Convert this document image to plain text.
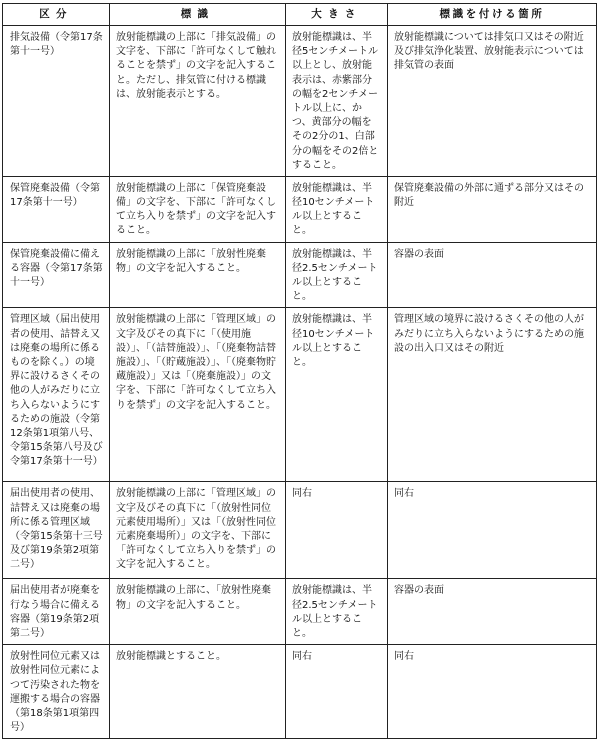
区分	標識	大きさ	標識を付ける箇所
排気設備（令第17条第十一号）	放射能標識の上部に「排気設備」の文字を、下部に「許可なくして触れることを禁ず」の文字を記入すること。ただし、排気管に付ける標識は、放射能表示とする。	放射能標識は、半径5センチメートル以上とし、放射能表示は、赤紫部分の幅を2センチメートル以上に、かつ、黄部分の幅をその2分の1、白部分の幅をその2倍とすること。	放射能標識については排気口又はその附近及び排気浄化装置、放射能表示については排気管の表面
保管廃棄設備（令第17条第十一号）	放射能標識の上部に「保管廃棄設備」の文字を、下部に「許可なくして立ち入りを禁ず」の文字を記入すること。	放射能標識は、半径10センチメートル以上とすること。	保管廃棄設備の外部に通ずる部分又はその附近
保管廃棄設備に備える容器（令第17条第十一号）	放射能標識の上部に「放射性廃棄物」の文字を記入すること。	放射能標識は、半径2.5センチメートル以上とすること。	容器の表面
管理区域（届出使用者の使用、詰替え又は廃棄の場所に係るものを除く。）の境界に設けるさくその他の人がみだりに立ち入らないようにするための施設（令第12条第1項第八号、令第15条第八号及び令第17条第十一号）	放射能標識の上部に「管理区域」の文字及びその真下に「（使用施設）」、「（詰替施設）」、「（廃棄物詰替施設）」、「（貯蔵施設）」、「（廃棄物貯蔵施設）」又は「（廃棄施設）」の文字を、下部に「許可なくして立ち入りを禁ず」の文字を記入すること。	放射能標識は、半径10センチメートル以上とすること。	管理区域の境界に設けるさくその他の人がみだりに立ち入らないようにするための施設の出入口又はその附近
届出使用者の使用、詰替え又は廃棄の場所に係る管理区域（令第15条第十三号及び第19条第2項第二号）	放射能標識の上部に「管理区域」の文字及びその真下に「（放射性同位元素使用場所）」又は「（放射性同位元素廃棄場所）」の文字を、下部に「許可なくして立ち入りを禁ず」の文字を記入すること。	同右	同右
届出使用者が廃棄を行なう場合に備える容器（第19条第2項第二号）	放射能標識の上部に、「放射性廃棄物」の文字を記入すること。	放射能標識は、半径2.5センチメートル以上とすること。	容器の表面
放射性同位元素又は放射性同位元素によつて汚染された物を運搬する場合の容器（第18条第1項第四号）	放射能標識とすること。	同右	同右
